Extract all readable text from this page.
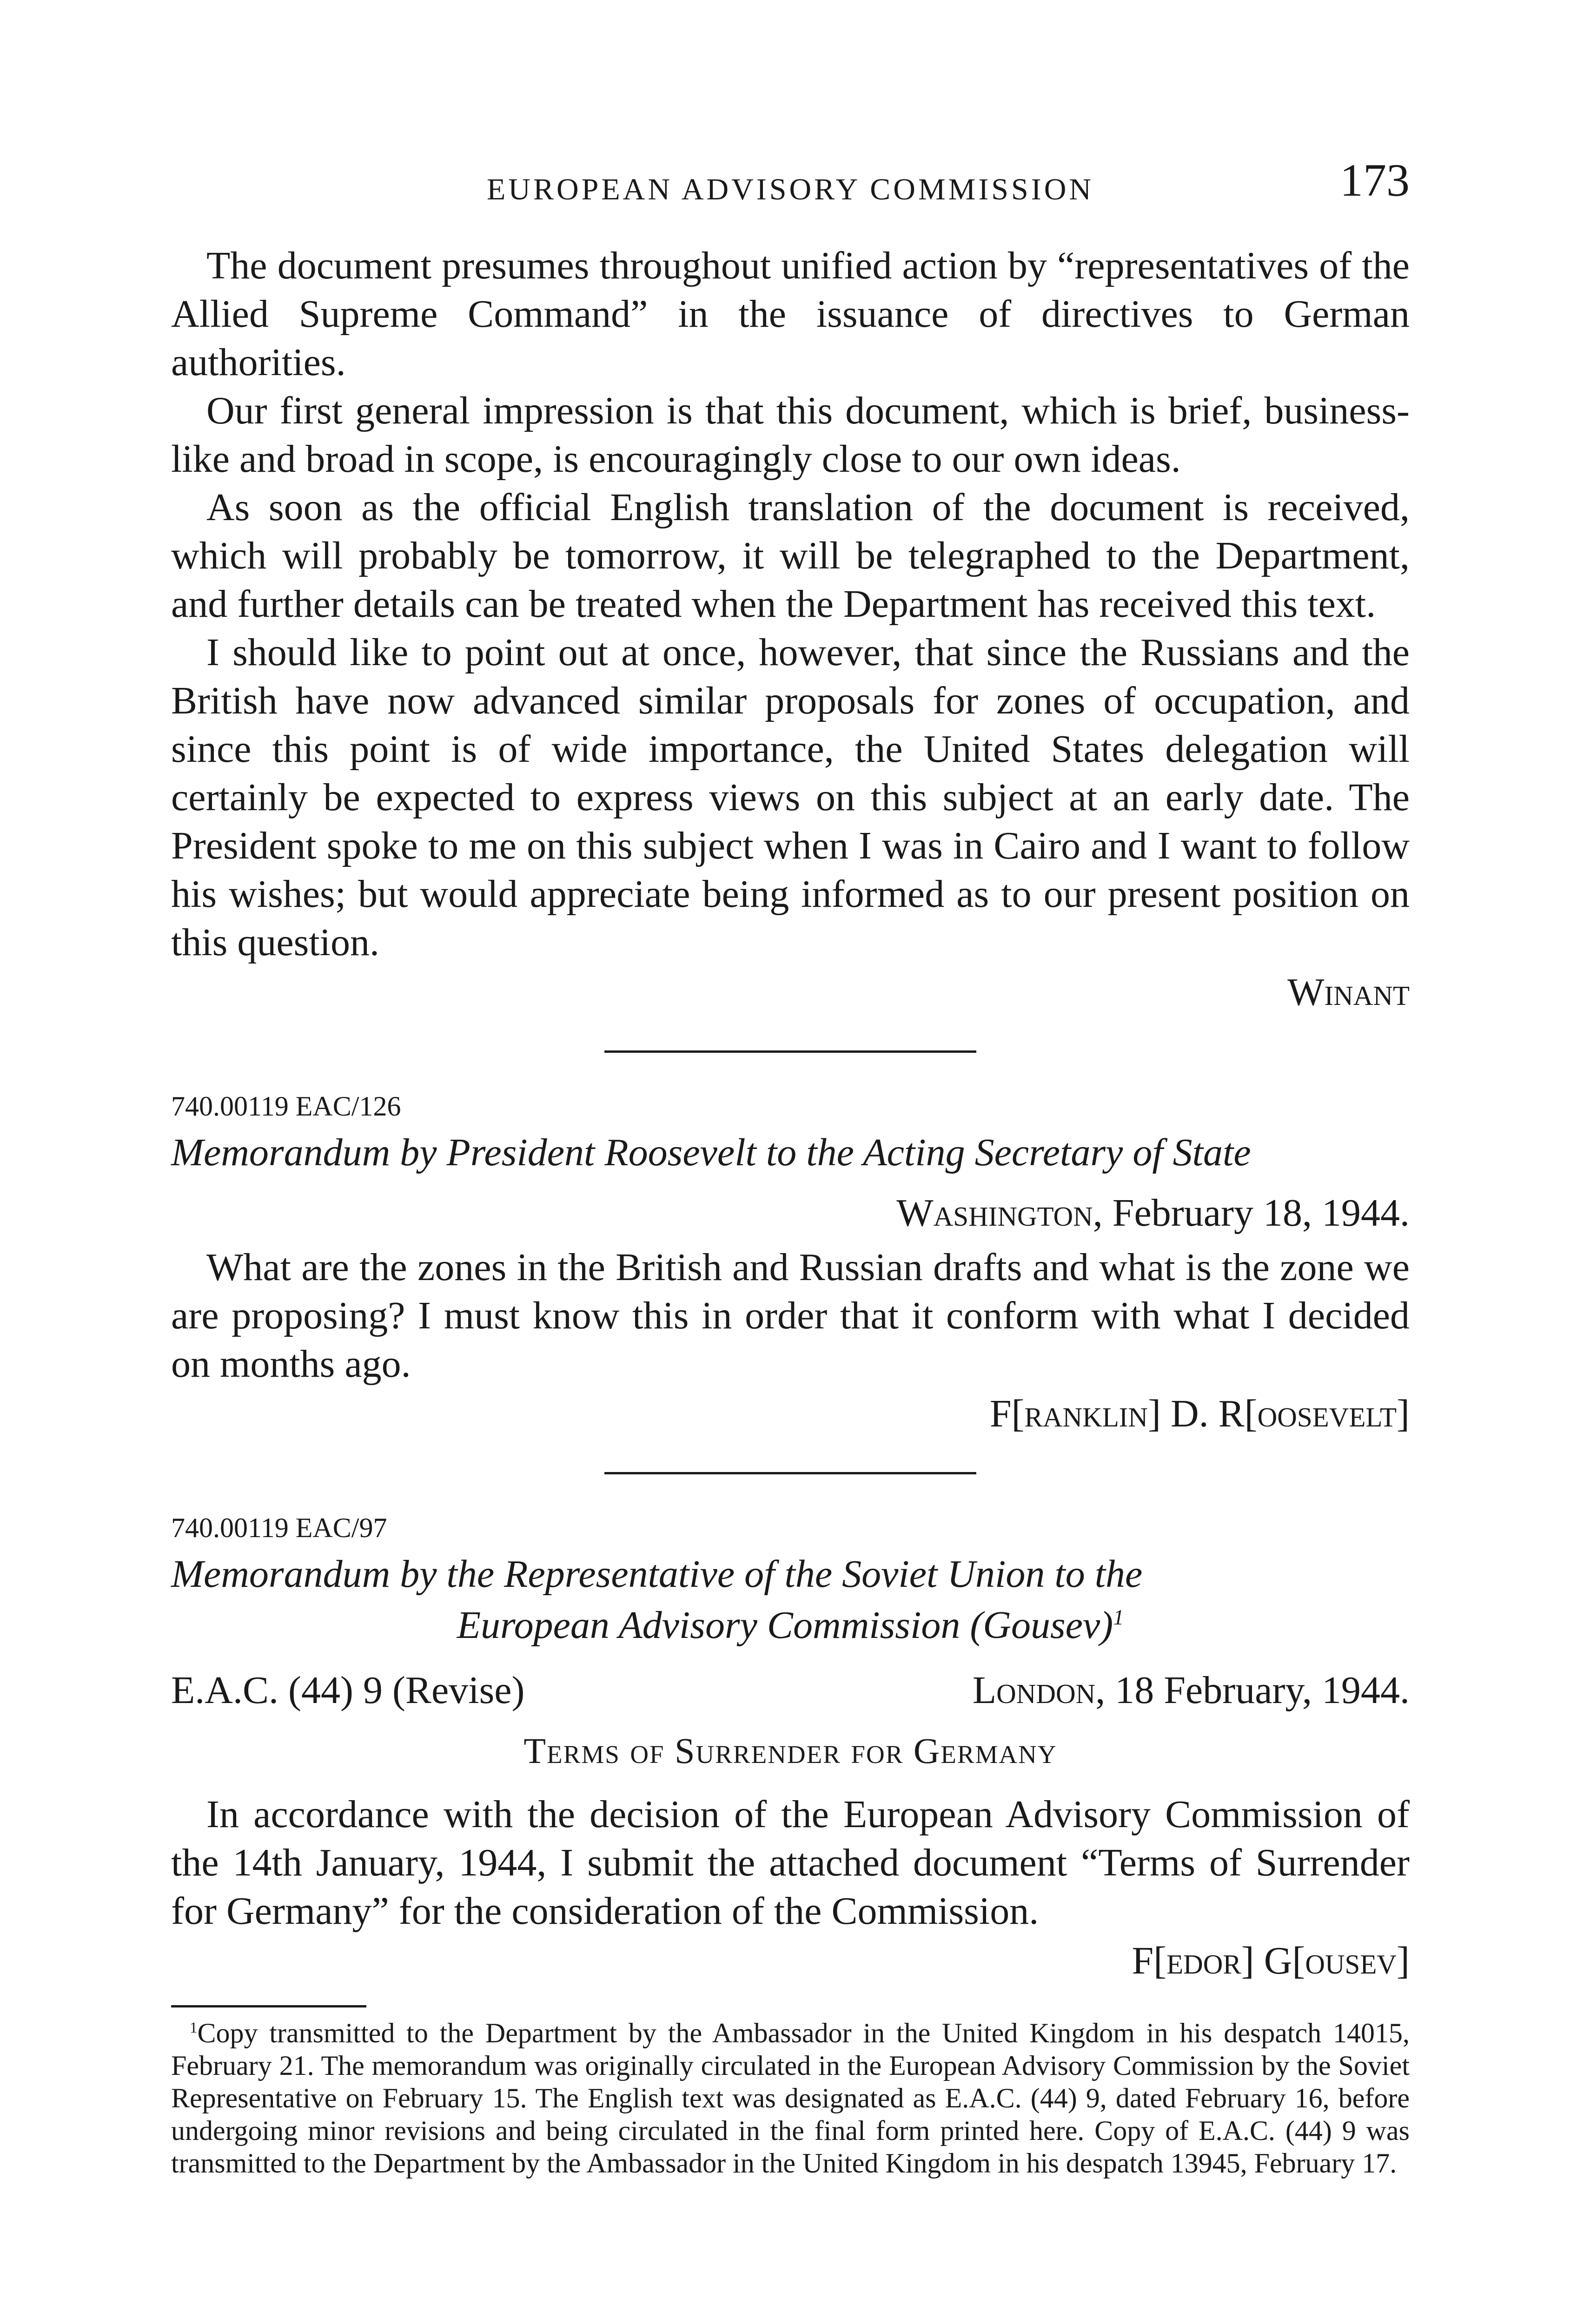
EUROPEAN ADVISORY COMMISSION	173

The document presumes throughout unified action by “representatives of the Allied Supreme Command” in the issuance of directives to German authorities.

Our first general impression is that this document, which is brief, business-like and broad in scope, is encouragingly close to our own ideas.

As soon as the official English translation of the document is received, which will probably be tomorrow, it will be telegraphed to the Department, and further details can be treated when the Department has received this text.

I should like to point out at once, however, that since the Russians and the British have now advanced similar proposals for zones of occupation, and since this point is of wide importance, the United States delegation will certainly be expected to express views on this subject at an early date. The President spoke to me on this subject when I was in Cairo and I want to follow his wishes; but would appreciate being informed as to our present position on this question.

Winant

740.00119 EAC/126

Memorandum by President Roosevelt to the Acting Secretary of State

Washington, February 18, 1944.

What are the zones in the British and Russian drafts and what is the zone we are proposing? I must know this in order that it conform with what I decided on months ago.

F[ranklin] D. R[oosevelt]

740.00119 EAC/97

Memorandum by the Representative of the Soviet Union to the

European Advisory Commission (Gousev)$^1$

E.A.C. (44) 9 (Revise)	London, 18 February, 1944.

Terms of Surrender for Germany

In accordance with the decision of the European Advisory Commission of the 14th January, 1944, I submit the attached document “Terms of Surrender for Germany” for the consideration of the Commission.

F[edor] G[ousev]

$^1$Copy transmitted to the Department by the Ambassador in the United Kingdom in his despatch 14015, February 21. The memorandum was originally circulated in the European Advisory Commission by the Soviet Representative on February 15. The English text was designated as E.A.C. (44) 9, dated February 16, before undergoing minor revisions and being circulated in the final form printed here. Copy of E.A.C. (44) 9 was transmitted to the Department by the Ambassador in the United Kingdom in his despatch 13945, February 17.
